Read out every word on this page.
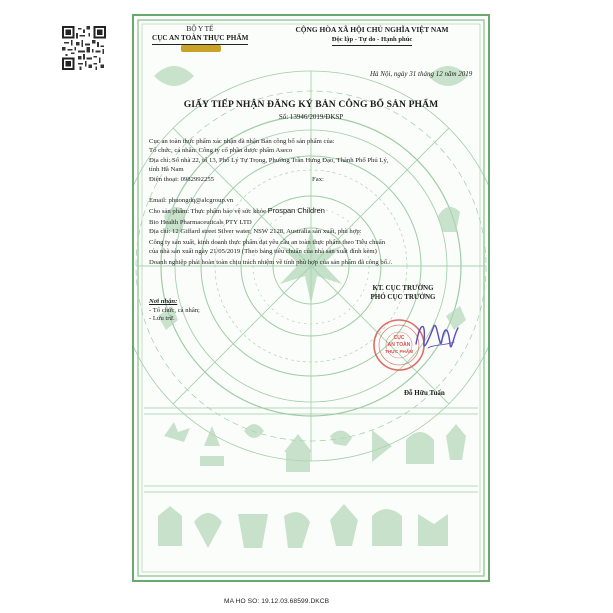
BỘ Y TẾ
CỤC AN TOÀN THỰC PHẨM
CỘNG HÒA XÃ HỘI CHỦ NGHĨA VIỆT NAM
Độc lập - Tự do - Hạnh phúc
Hà Nội, ngày 31 tháng 12 năm 2019
GIẤY TIẾP NHẬN ĐĂNG KÝ BẢN CÔNG BỐ SẢN PHẨM
Số: 13946/2019/ĐKSP
Cục an toàn thực phẩm xác nhận đã nhận Bản công bố sản phẩm của:
Tổ chức, cá nhân: Công ty cổ phần dược phẩm Aseco
Địa chỉ: Số nhà 22, tổ 13, Phố Lý Tự Trọng, Phường Trần Hưng Đạo, Thành Phố Phủ Lý,
tỉnh Hà Nam
Điện thoại: 0982992255	Fax:
Email: phuongdq@alcgroup.vn
Cho sản phẩm: Thực phẩm bảo vệ sức khỏe Prospan Children
Bio Health Pharmaceuticals PTY LTD
Địa chỉ: 12 Giffard street Silver water, NSW 2128, Australia sản xuất, phù hợp:
Công ty sản xuất, kinh doanh thực phẩm đạt yêu cầu an toàn thực phẩm theo Tiêu chuẩn
của nhà sản xuất ngày 21/05/2019 (Theo bảng tiêu chuẩn của nhà sản xuất đính kèm)
Doanh nghiệp phải hoàn toàn chịu trách nhiệm về tính phù hợp của sản phẩm đã công bố./.
Nơi nhận:
- Tổ chức, cá nhân;
- Lưu trữ.
KT. CỤC TRƯỞNG
PHÓ CỤC TRƯỞNG
CỤC
AN TOÀN
THỰC PHẨM
Đỗ Hữu Tuấn
MA HO SO: 19.12.03.68599.DKCB
